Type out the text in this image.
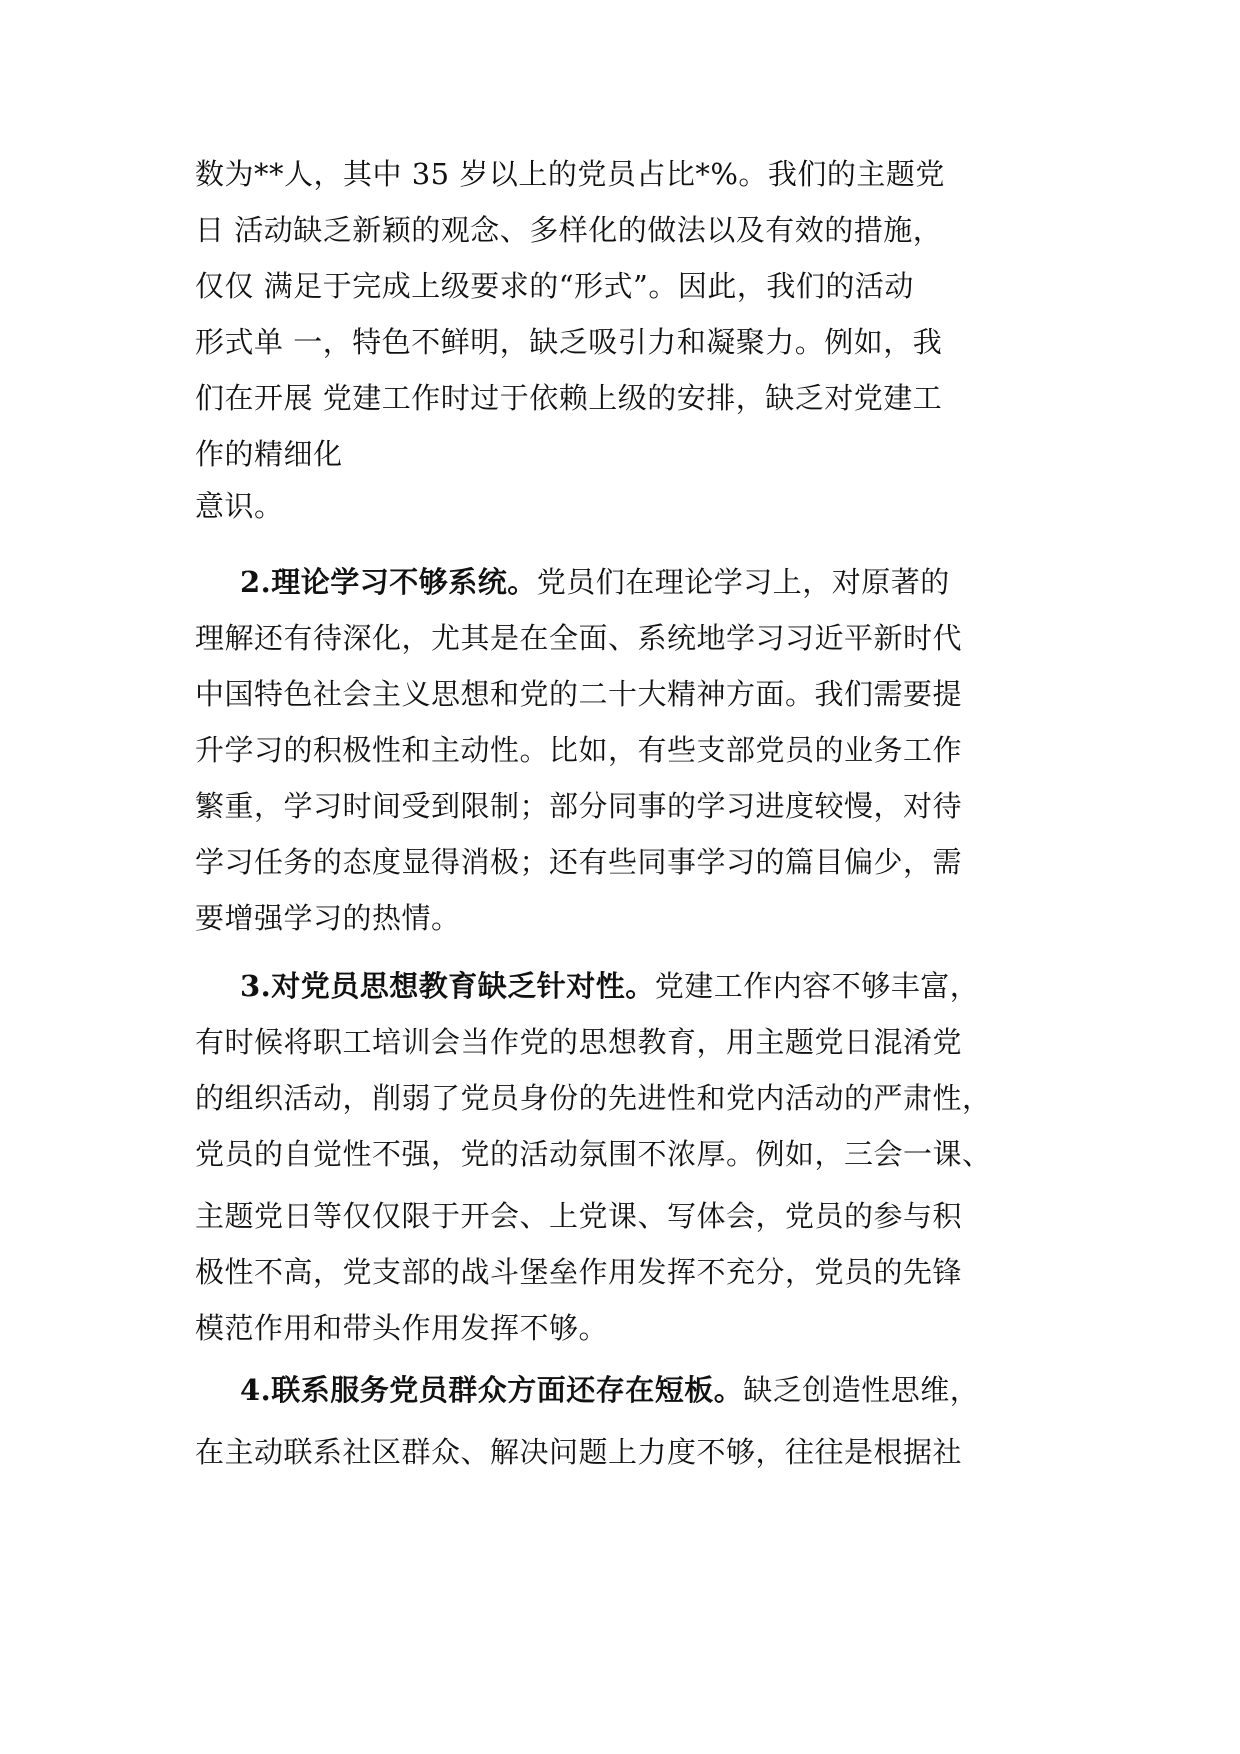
数为**人，其中 35 岁以上的党员占比*%。我们的主题党
日 活动缺乏新颖的观念、多样化的做法以及有效的措施，
仅仅 满足于完成上级要求的“形式”。因此，我们的活动
形式单 一，特色不鲜明，缺乏吸引力和凝聚力。例如，我
们在开展 党建工作时过于依赖上级的安排，缺乏对党建工
作的精细化
意识。
2.理论学习不够系统。党员们在理论学习上，对原著的
理解还有待深化，尤其是在全面、系统地学习习近平新时代
中国特色社会主义思想和党的二十大精神方面。我们需要提
升学习的积极性和主动性。比如，有些支部党员的业务工作
繁重，学习时间受到限制；部分同事的学习进度较慢，对待
学习任务的态度显得消极；还有些同事学习的篇目偏少，需
要增强学习的热情。
3.对党员思想教育缺乏针对性。党建工作内容不够丰富，
有时候将职工培训会当作党的思想教育，用主题党日混淆党
的组织活动，削弱了党员身份的先进性和党内活动的严肃性，
党员的自觉性不强，党的活动氛围不浓厚。例如，三会一课、
主题党日等仅仅限于开会、上党课、写体会，党员的参与积
极性不高，党支部的战斗堡垒作用发挥不充分，党员的先锋
模范作用和带头作用发挥不够。
4.联系服务党员群众方面还存在短板。缺乏创造性思维，
在主动联系社区群众、解决问题上力度不够，往往是根据社
